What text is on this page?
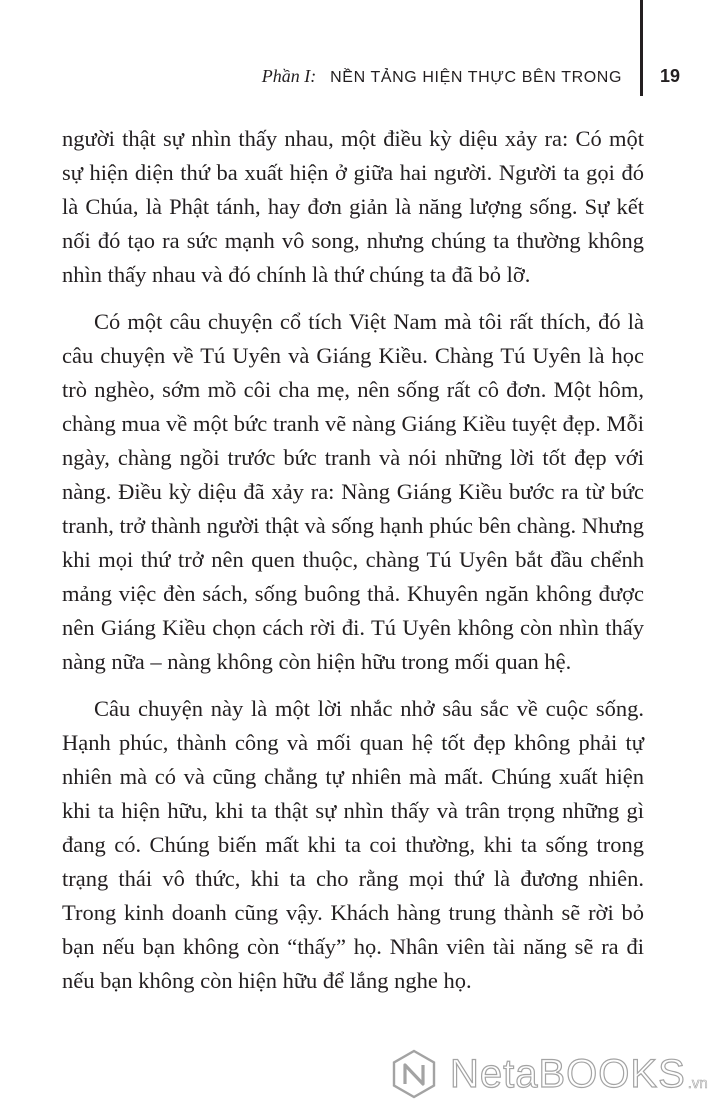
Phần I: NỀN TẢNG HIỆN THỰC BÊN TRONG 19

người thật sự nhìn thấy nhau, một điều kỳ diệu xảy ra: Có một sự hiện diện thứ ba xuất hiện ở giữa hai người. Người ta gọi đó là Chúa, là Phật tánh, hay đơn giản là năng lượng sống. Sự kết nối đó tạo ra sức mạnh vô song, nhưng chúng ta thường không nhìn thấy nhau và đó chính là thứ chúng ta đã bỏ lỡ.

Có một câu chuyện cổ tích Việt Nam mà tôi rất thích, đó là câu chuyện về Tú Uyên và Giáng Kiều. Chàng Tú Uyên là học trò nghèo, sớm mồ côi cha mẹ, nên sống rất cô đơn. Một hôm, chàng mua về một bức tranh vẽ nàng Giáng Kiều tuyệt đẹp. Mỗi ngày, chàng ngồi trước bức tranh và nói những lời tốt đẹp với nàng. Điều kỳ diệu đã xảy ra: Nàng Giáng Kiều bước ra từ bức tranh, trở thành người thật và sống hạnh phúc bên chàng. Nhưng khi mọi thứ trở nên quen thuộc, chàng Tú Uyên bắt đầu chểnh mảng việc đèn sách, sống buông thả. Khuyên ngăn không được nên Giáng Kiều chọn cách rời đi. Tú Uyên không còn nhìn thấy nàng nữa – nàng không còn hiện hữu trong mối quan hệ.

Câu chuyện này là một lời nhắc nhở sâu sắc về cuộc sống. Hạnh phúc, thành công và mối quan hệ tốt đẹp không phải tự nhiên mà có và cũng chẳng tự nhiên mà mất. Chúng xuất hiện khi ta hiện hữu, khi ta thật sự nhìn thấy và trân trọng những gì đang có. Chúng biến mất khi ta coi thường, khi ta sống trong trạng thái vô thức, khi ta cho rằng mọi thứ là đương nhiên. Trong kinh doanh cũng vậy. Khách hàng trung thành sẽ rời bỏ bạn nếu bạn không còn “thấy” họ. Nhân viên tài năng sẽ ra đi nếu bạn không còn hiện hữu để lắng nghe họ.

NetaBOOKS .vn
